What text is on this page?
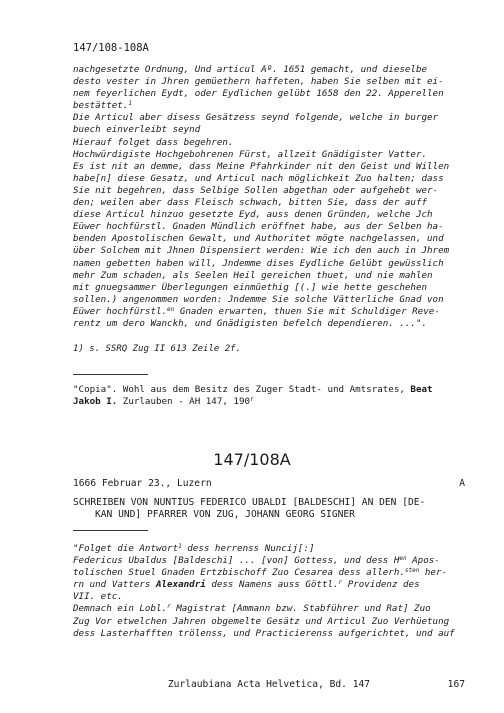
147/108-108A
nachgesetzte Ordnung, Und articul Aº. 1651 gemacht, und dieselbe
desto vester in Jhren gemüethern haffeten, haben Sie selben mit ei-
nem feyerlichen Eydt, oder Eydlichen gelübt 1658 den 22. Apperellen
bestättet.$^1$
Die Articul aber disess Gesätzess seynd folgende, welche in burger
buech einverleibt seynd
Hierauf folget dass begehren.
Hochwürdigiste Hochgebohrenen Fürst, allzeit Gnädigister Vatter.
Es ist nit an demme, dass Meine Pfahrkinder nit den Geist und Willen
habe[n] diese Gesatz, und Articul nach möglichkeit Zuo halten; dass
Sie nit begehren, dass Selbige Sollen abgethan oder aufgehebt wer-
den; weilen aber dass Fleisch schwach, bitten Sie, dass der auff
diese Articul hinzuo gesetzte Eyd, auss denen Gründen, welche Jch
Eüwer hochfürstl. Gnaden Mündlich eröffnet habe, aus der Selben ha-
benden Apostolischen Gewalt, und Authoritet mögte nachgelassen, und
über Solchem mit Jhnen Dispensiert werden: Wie ich den auch in Jhrem
namen gebetten haben will, Jndemme dises Eydliche Gelübt gewüsslich
mehr Zum schaden, als Seelen Heil gereichen thuet, und nie mahlen
mit gnuegsammer Überlegungen einmüethig [(.] wie hette geschehen
sollen.) angenommen worden: Jndemme Sie solche Vätterliche Gnad von
Eüwer hochfürstl.$^{en}$ Gnaden erwarten, thuen Sie mit Schuldiger Reve-
rentz um dero Wanckh, und Gnädigisten befelch dependieren. ...".
1) s. SSRQ Zug II 613 Zeile 2f.
"Copia". Wohl aus dem Besitz des Zuger Stadt- und Amtsrates, Beat
Jakob I. Zurlauben - AH 147, 190$^r$
147/108A
1666 Februar 23., Luzern	A
SCHREIBEN VON NUNTIUS FEDERICO UBALDI [BALDESCHI] AN DEN [DE-
KAN UND] PFARRER VON ZUG, JOHANN GEORG SIGNER
"Folget die Antwort$^1$ dess herrenss Nuncij[:]
Federicus Ubaldus [Baldeschi] ... [von] Gottess, und dess $H^{en}$ Apos-
tolischen Stuel Gnaden Ertzbischoff Zuo Cesarea dess allerh.$^{sten}$ her-
rn und Vatters Alexandri dess Namens auss Göttl.$^r$ Providenz des
VII. etc.
Demnach ein Lobl.$^r$ Magistrat [Ammann bzw. Stabführer und Rat] Zuo
Zug Vor etwelchen Jahren obgemelte Gesätz und Articul Zuo Verhüetung
dess Lasterhafften trölenss, und Practicierenss aufgerichtet, und auf
Zurlaubiana Acta Helvetica, Bd. 147	167
